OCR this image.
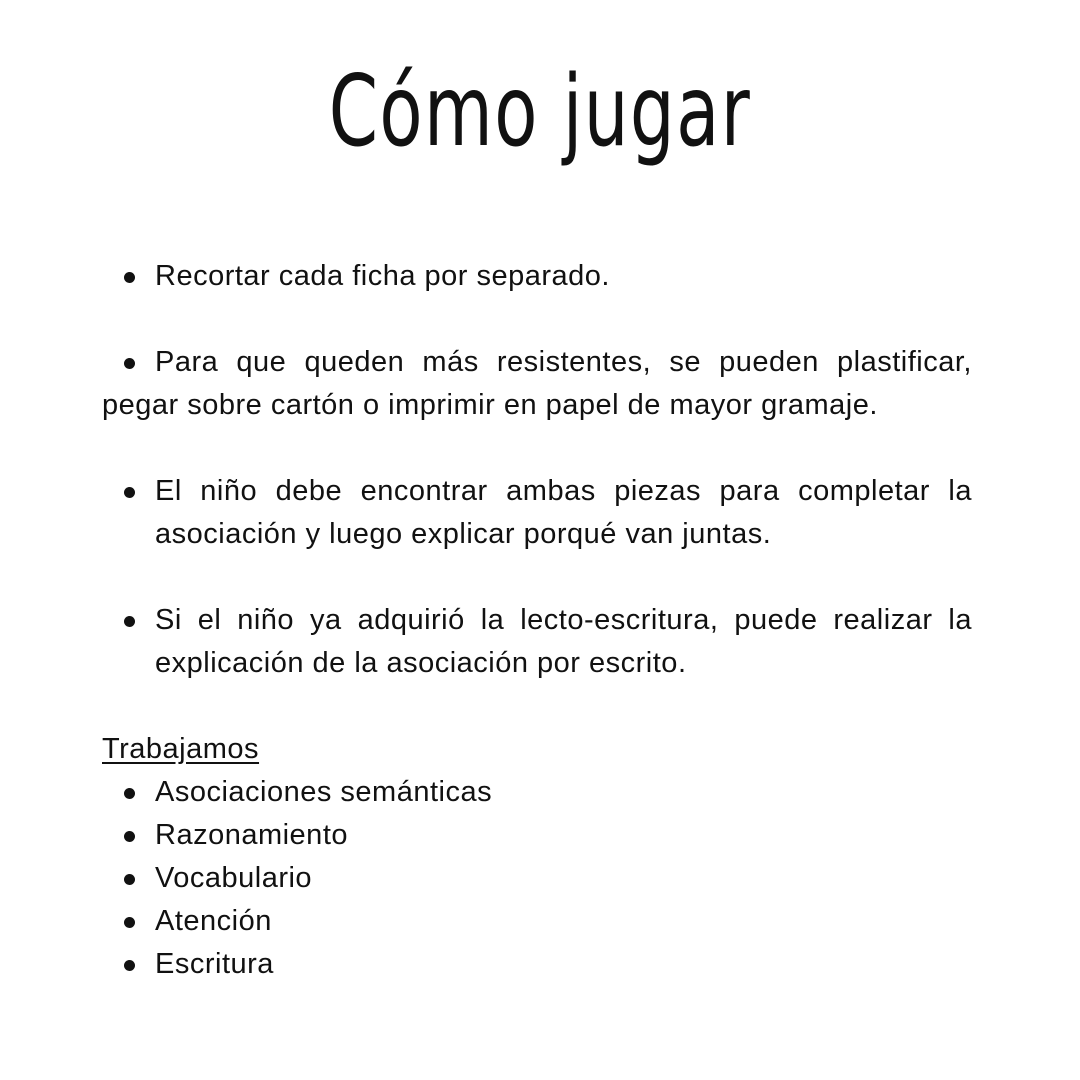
Cómo jugar
Recortar cada ficha por separado.
Para que queden más resistentes, se pueden plastificar, pegar sobre cartón o imprimir en papel de mayor gramaje.
El niño debe encontrar ambas piezas para completar la asociación y luego explicar porqué van juntas.
Si el niño ya adquirió la lecto-escritura, puede realizar la explicación de la asociación por escrito.
Trabajamos
Asociaciones semánticas
Razonamiento
Vocabulario
Atención
Escritura
